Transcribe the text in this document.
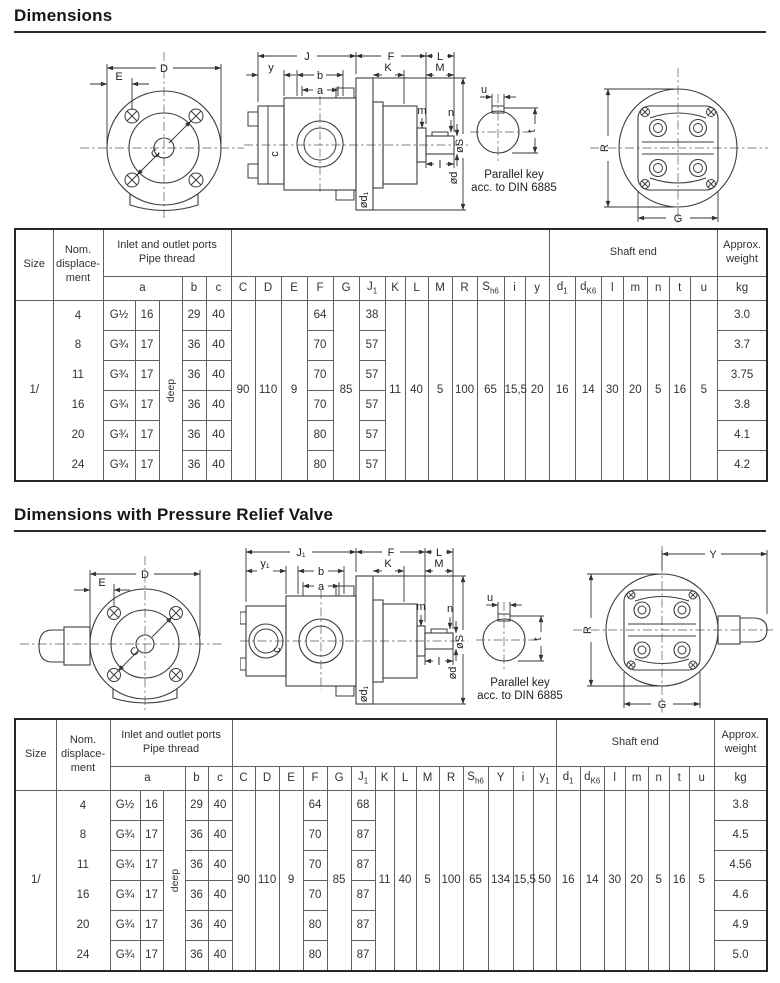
Dimensions
D
E
C
J	F	L
y
b
K	M
a
øS
ød
n
m
l
ød₁
c
u
t
Parallel key
acc. to DIN 6885
R
G
Size	Nom.
displace-
ment	Inlet and outlet ports
Pipe thread																		Shaft end							Approx.
weight
		a			b	c	C	D	E	F	G	$J_1$	K	L	M	R	$S_{h6}$	i	y	$d_1$	$d_{K6}$	l	m	n	t	u	kg
1/	4	G½	16	deep	29	40	90	110	9	64	85	38	11	40	5	100	65	15,5	20	16	14	30	20	5	16	5	3.0
	8	G¾	17		36	40				70		57															3.7
	11	G¾	17		36	40				70		57															3.75
	16	G¾	17		36	40				70		57															3.8
	20	G¾	17		36	40				80		57															4.1
	24	G¾	17		36	40				80		57															4.2
Dimensions with Pressure Relief Valve
D
E
C
J₁	F	L
y₁
b
K	M
a
øS
ød
n
m
l
ød₁
c
u
t
Parallel key
acc. to DIN 6885
R
G
Y
Size	Nom.
displace-
ment	Inlet and outlet ports
Pipe thread																			Shaft end							Approx.
weight
		a			b	c	C	D	E	F	G	$J_1$	K	L	M	R	$S_{h6}$	Y	i	$y_1$	$d_1$	$d_{K6}$	l	m	n	t	u	kg
1/	4	G½	16	deep	29	40	90	110	9	64	85	68	11	40	5	100	65	134	15,5	50	16	14	30	20	5	16	5	3.8
	8	G¾	17		36	40				70		87																4.5
	11	G¾	17		36	40				70		87																4.56
	16	G¾	17		36	40				70		87																4.6
	20	G¾	17		36	40				80		87																4.9
	24	G¾	17		36	40				80		87																5.0
